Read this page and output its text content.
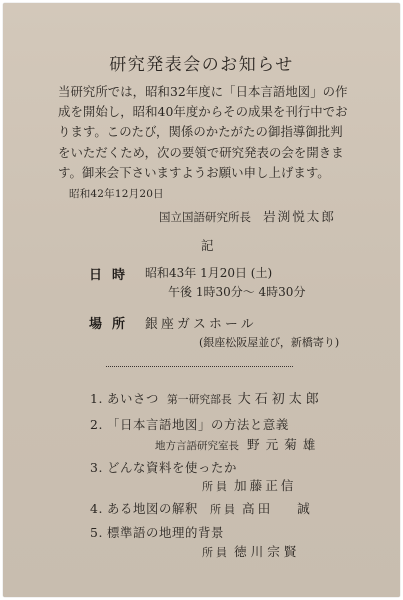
研究発表会のお知らせ
当研究所では，昭和32年度に「日本言語地図」の作
成を開始し，昭和40年度からその成果を刊行中でお
ります。このたび，関係のかたがたの御指導御批判
をいただくため，次の要領で研究発表の会を開きま
す。御来会下さいますようお願い申し上げます。
昭和42年12月20日
国立国語研究所長 岩渕悦太郎
記
日時 昭和43年 1月20日 (土)
午後 1時30分～ 4時30分
場所 銀座ガスホール
(銀座松阪屋並び，新橋寄り)
1. あいさつ 第一研究部長 大石初太郎
2. 「日本言語地図」の方法と意義
地方言語研究室長 野元菊雄
3. どんな資料を使ったか
所員 加藤正信
4. ある地図の解釈 所員 高田 誠
5. 標準語の地理的背景
所員 徳川宗賢
